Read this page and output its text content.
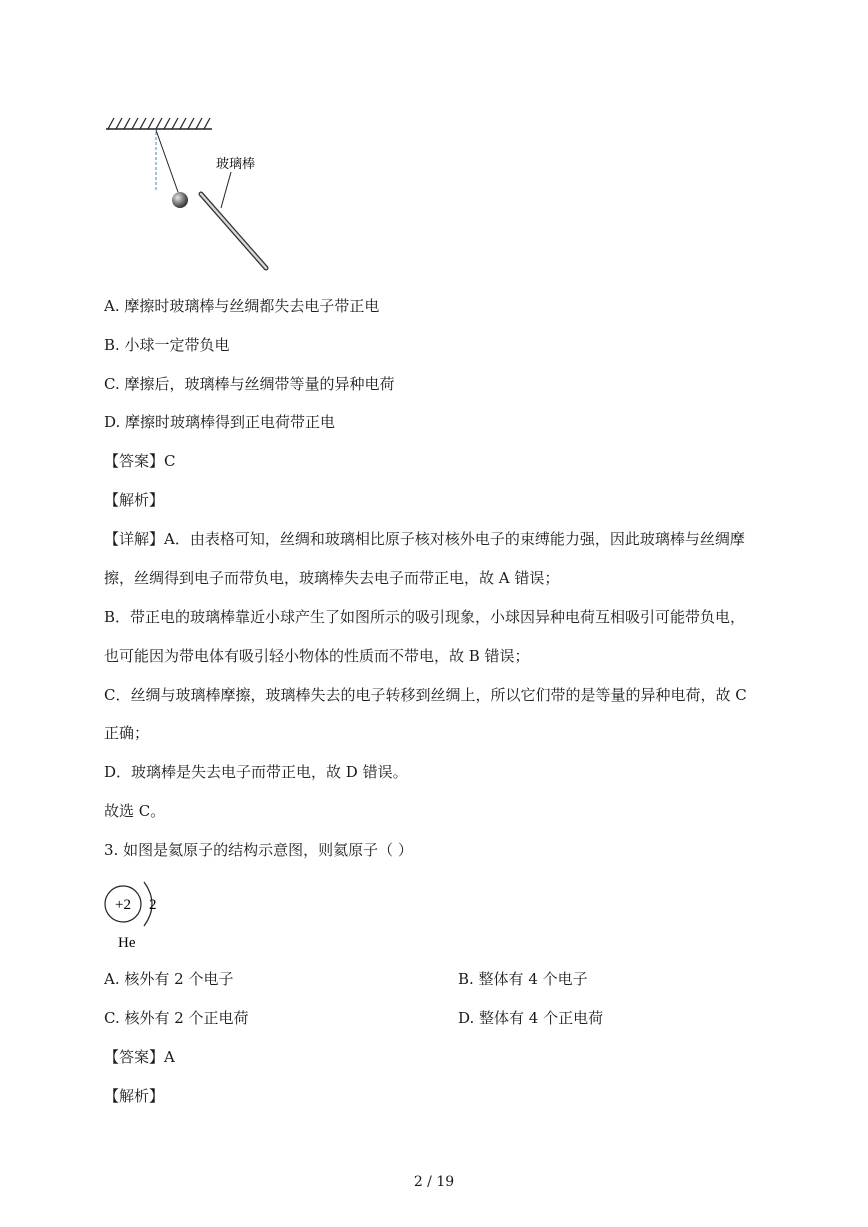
玻璃棒
A. 摩擦时玻璃棒与丝绸都失去电子带正电
B. 小球一定带负电
C. 摩擦后，玻璃棒与丝绸带等量的异种电荷
D. 摩擦时玻璃棒得到正电荷带正电
【答案】C
【解析】
【详解】A．由表格可知，丝绸和玻璃相比原子核对核外电子的束缚能力强，因此玻璃棒与丝绸摩
擦，丝绸得到电子而带负电，玻璃棒失去电子而带正电，故 A 错误；
B．带正电的玻璃棒靠近小球产生了如图所示的吸引现象，小球因异种电荷互相吸引可能带负电，
也可能因为带电体有吸引轻小物体的性质而不带电，故 B 错误；
C．丝绸与玻璃棒摩擦，玻璃棒失去的电子转移到丝绸上，所以它们带的是等量的异种电荷，故 C
正确；
D．玻璃棒是失去电子而带正电，故 D 错误。
故选 C。
3. 如图是氦原子的结构示意图，则氦原子（ ）
+2 2
He
A. 核外有 2 个电子	B. 整体有 4 个电子
C. 核外有 2 个正电荷	D. 整体有 4 个正电荷
【答案】A
【解析】
2 / 19
